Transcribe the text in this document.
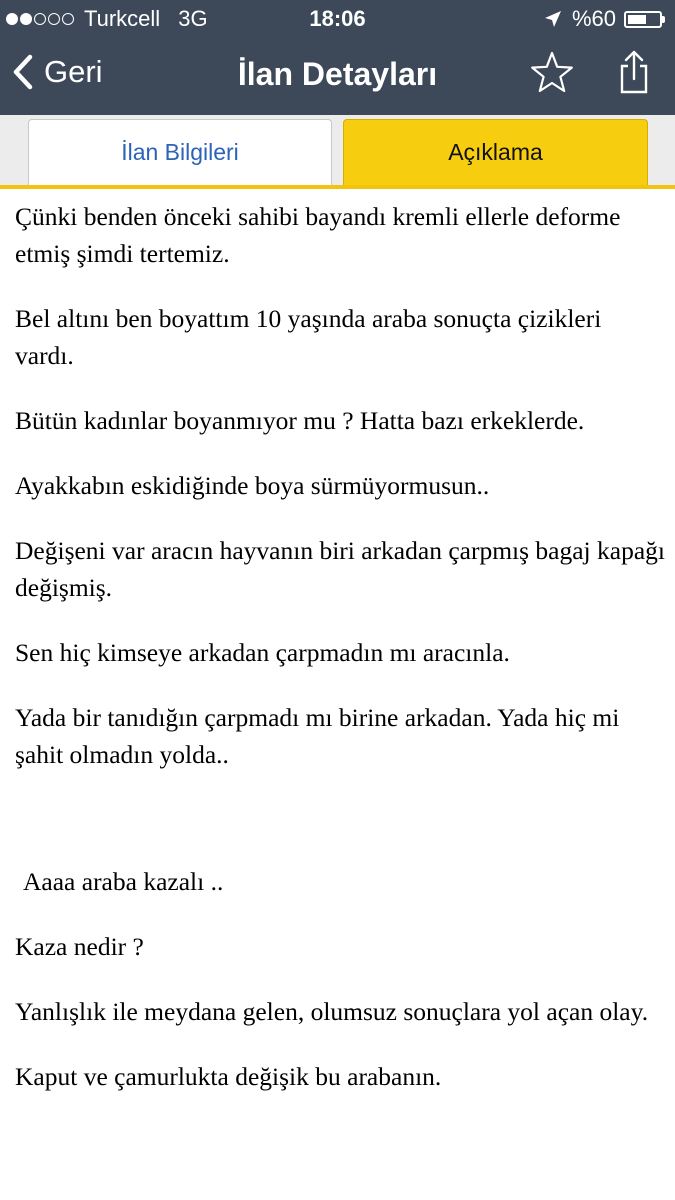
Turkcell 3G	18:06	%60
Geri	İlan Detayları
İlan Bilgileri	Açıklama

Çünki benden önceki sahibi bayandı kremli ellerle deforme etmiş şimdi tertemiz.

Bel altını ben boyattım 10 yaşında araba sonuçta çizikleri vardı.

Bütün kadınlar boyanmıyor mu ? Hatta bazı erkeklerde.

Ayakkabın eskidiğinde boya sürmüyormusun..

Değişeni var aracın hayvanın biri arkadan çarpmış bagaj kapağı değişmiş.

Sen hiç kimseye arkadan çarpmadın mı aracınla.

Yada bir tanıdığın çarpmadı mı birine arkadan. Yada hiç mi şahit olmadın yolda..

Aaaa araba kazalı ..

Kaza nedir ?

Yanlışlık ile meydana gelen, olumsuz sonuçlara yol açan olay.

Kaput ve çamurlukta değişik bu arabanın.
